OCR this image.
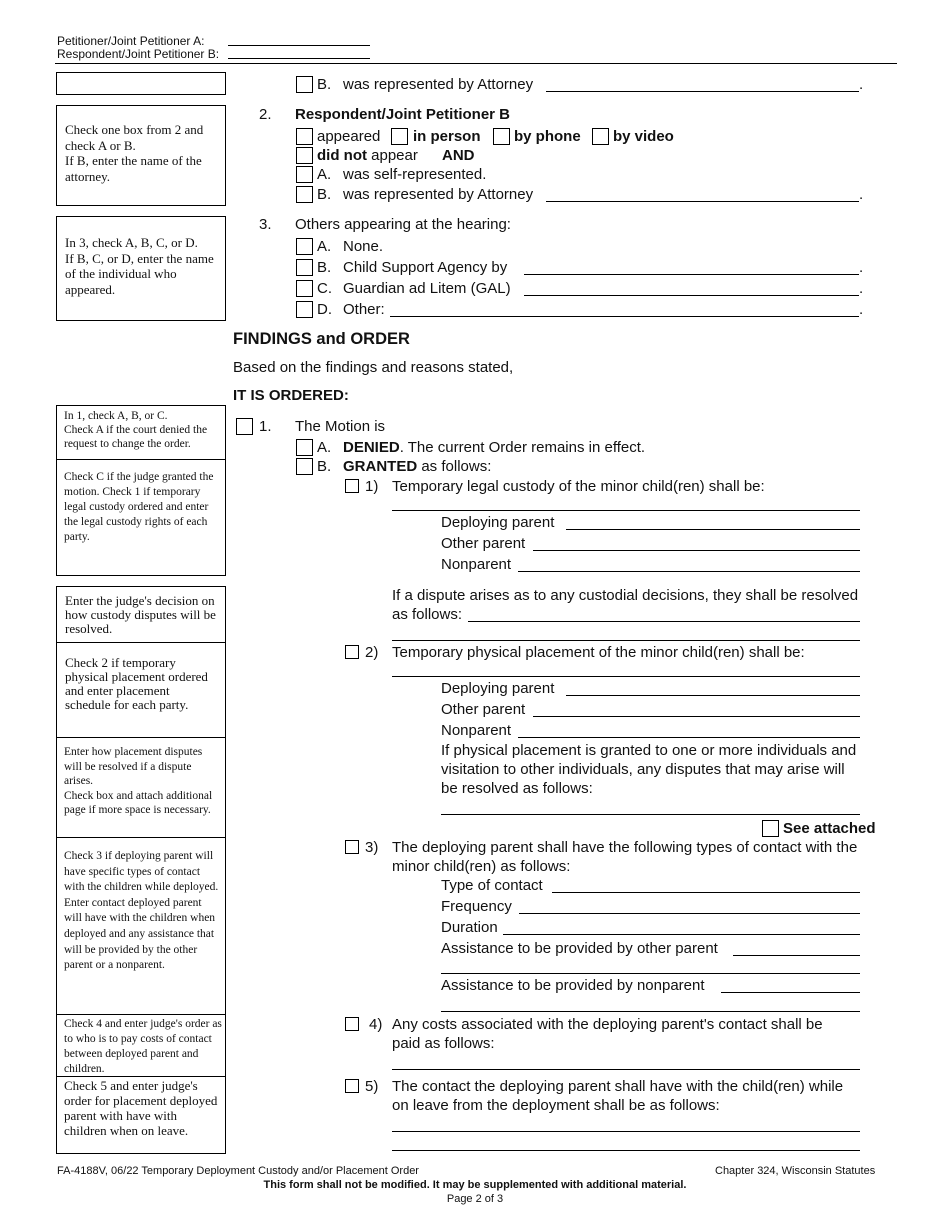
Petitioner/Joint Petitioner A:
Respondent/Joint Petitioner B:
Check one box from 2 and check A or B.
If B, enter the name of the attorney.
In 3, check A, B, C, or D.
If B, C, or D, enter the name of the individual who appeared.
In 1, check A, B, or C.
Check A if the court denied the request to change the order.
Check C if the judge granted the motion. Check 1 if temporary legal custody ordered and enter the legal custody rights of each party.
Enter the judge's decision on how custody disputes will be resolved.
Check 2 if temporary physical placement ordered and enter placement schedule for each party.
Enter how placement disputes will be resolved if a dispute arises.
Check box and attach additional page if more space is necessary.
Check 3 if deploying parent will have specific types of contact with the children while deployed.
Enter contact deployed parent will have with the children when deployed and any assistance that will be provided by the other parent or a nonparent.
Check 4 and enter judge's order as to who is to pay costs of contact between deployed parent and children.
Check 5 and enter judge's order for placement deployed parent with have with children when on leave.
B. was represented by Attorney	.
2. Respondent/Joint Petitioner B
appeared in person by phone by video
did not appear AND
A. was self-represented.
B. was represented by Attorney	.
3. Others appearing at the hearing:
A. None.
B. Child Support Agency by	.
C. Guardian ad Litem (GAL)	.
D. Other:	.
FINDINGS and ORDER
Based on the findings and reasons stated,
IT IS ORDERED:
1. The Motion is
A. DENIED. The current Order remains in effect.
B. GRANTED as follows:
1) Temporary legal custody of the minor child(ren) shall be:
Deploying parent
Other parent
Nonparent
If a dispute arises as to any custodial decisions, they shall be resolved
as follows:
2) Temporary physical placement of the minor child(ren) shall be:
Deploying parent
Other parent
Nonparent
If physical placement is granted to one or more individuals and
visitation to other individuals, any disputes that may arise will
be resolved as follows:
See attached
3) The deploying parent shall have the following types of contact with the
minor child(ren) as follows:
Type of contact
Frequency
Duration
Assistance to be provided by other parent
Assistance to be provided by nonparent
4) Any costs associated with the deploying parent's contact shall be
paid as follows:
5) The contact the deploying parent shall have with the child(ren) while
on leave from the deployment shall be as follows:
FA-4188V, 06/22 Temporary Deployment Custody and/or Placement Order	Chapter 324, Wisconsin Statutes
This form shall not be modified. It may be supplemented with additional material.
Page 2 of 3
